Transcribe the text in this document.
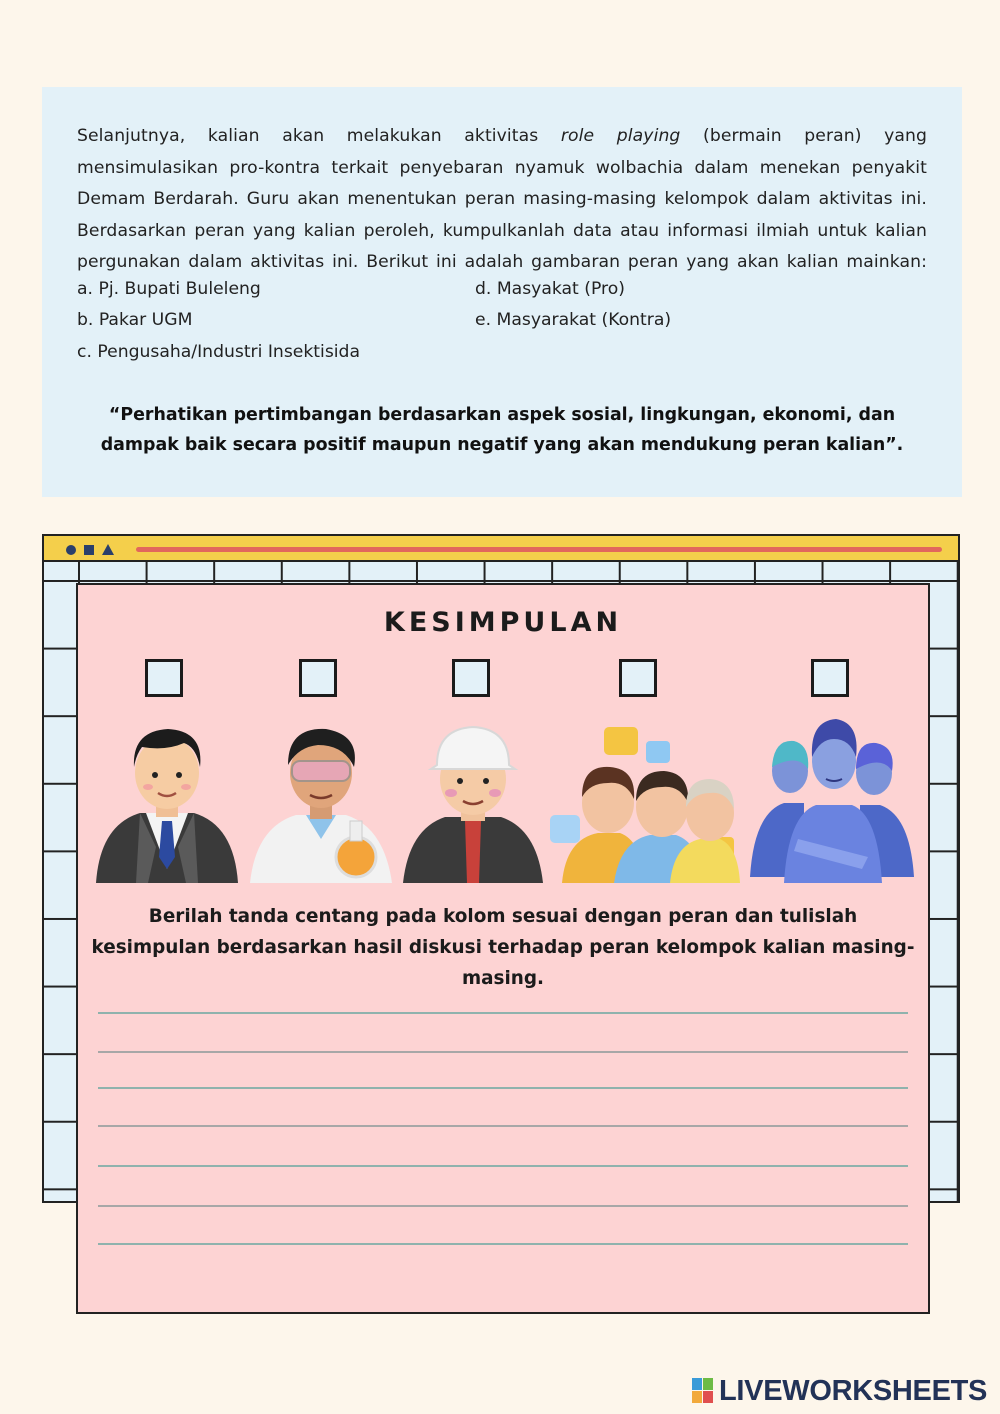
Selanjutnya, kalian akan melakukan aktivitas role playing (bermain peran) yang
mensimulasikan pro-kontra terkait penyebaran nyamuk wolbachia dalam menekan penyakit
Demam Berdarah. Guru akan menentukan peran masing-masing kelompok dalam aktivitas ini.
Berdasarkan peran yang kalian peroleh, kumpulkanlah data atau informasi ilmiah untuk kalian
pergunakan dalam aktivitas ini. Berikut ini adalah gambaran peran yang akan kalian mainkan:
a. Pj. Bupati Buleleng
b. Pakar UGM
c. Pengusaha/Industri Insektisida
d. Masyakat (Pro)
e. Masyarakat (Kontra)
“Perhatikan pertimbangan berdasarkan aspek sosial, lingkungan, ekonomi, dan dampak baik secara positif maupun negatif yang akan mendukung peran kalian”.
KESIMPULAN
Berilah tanda centang pada kolom sesuai dengan peran dan tulislah kesimpulan berdasarkan hasil diskusi terhadap peran kelompok kalian masing-masing.
LIVEWORKSHEETS
